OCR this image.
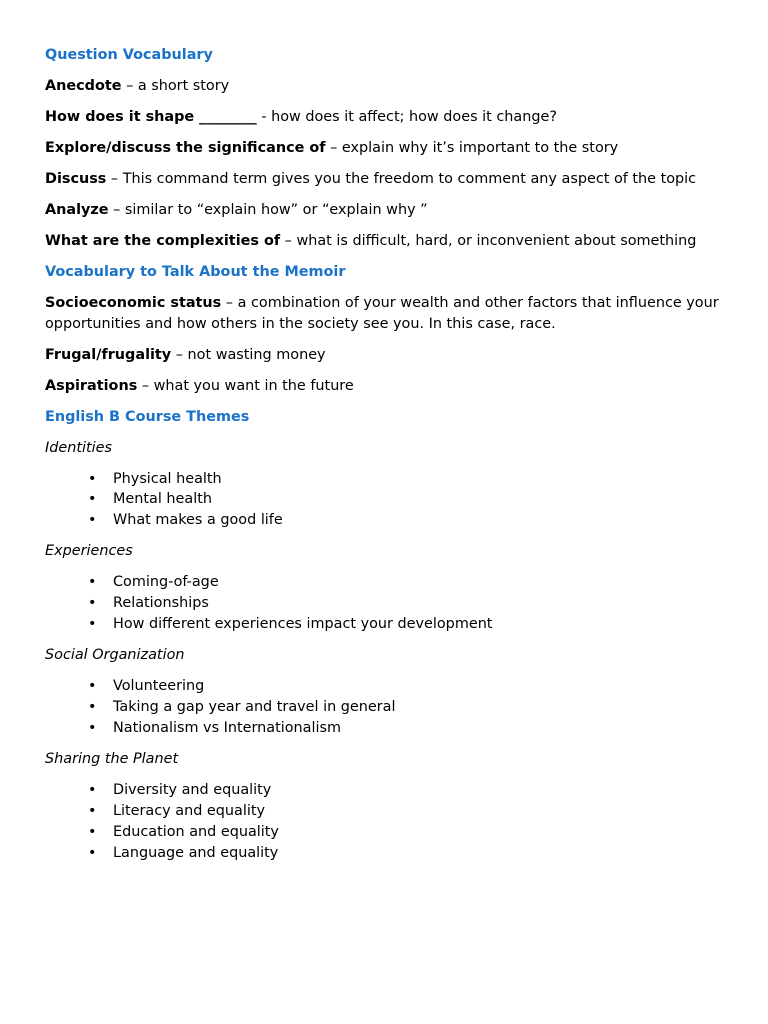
Question Vocabulary
Anecdote – a short story
How does it shape ________ - how does it affect; how does it change?
Explore/discuss the significance of – explain why it’s important to the story
Discuss – This command term gives you the freedom to comment any aspect of the topic
Analyze – similar to “explain how” or “explain why ”
What are the complexities of – what is difficult, hard, or inconvenient about something
Vocabulary to Talk About the Memoir
Socioeconomic status – a combination of your wealth and other factors that influence your opportunities and how others in the society see you. In this case, race.
Frugal/frugality – not wasting money
Aspirations – what you want in the future
English B Course Themes
Identities
• Physical health
• Mental health
• What makes a good life
Experiences
• Coming-of-age
• Relationships
• How different experiences impact your development
Social Organization
• Volunteering
• Taking a gap year and travel in general
• Nationalism vs Internationalism
Sharing the Planet
• Diversity and equality
• Literacy and equality
• Education and equality
• Language and equality
